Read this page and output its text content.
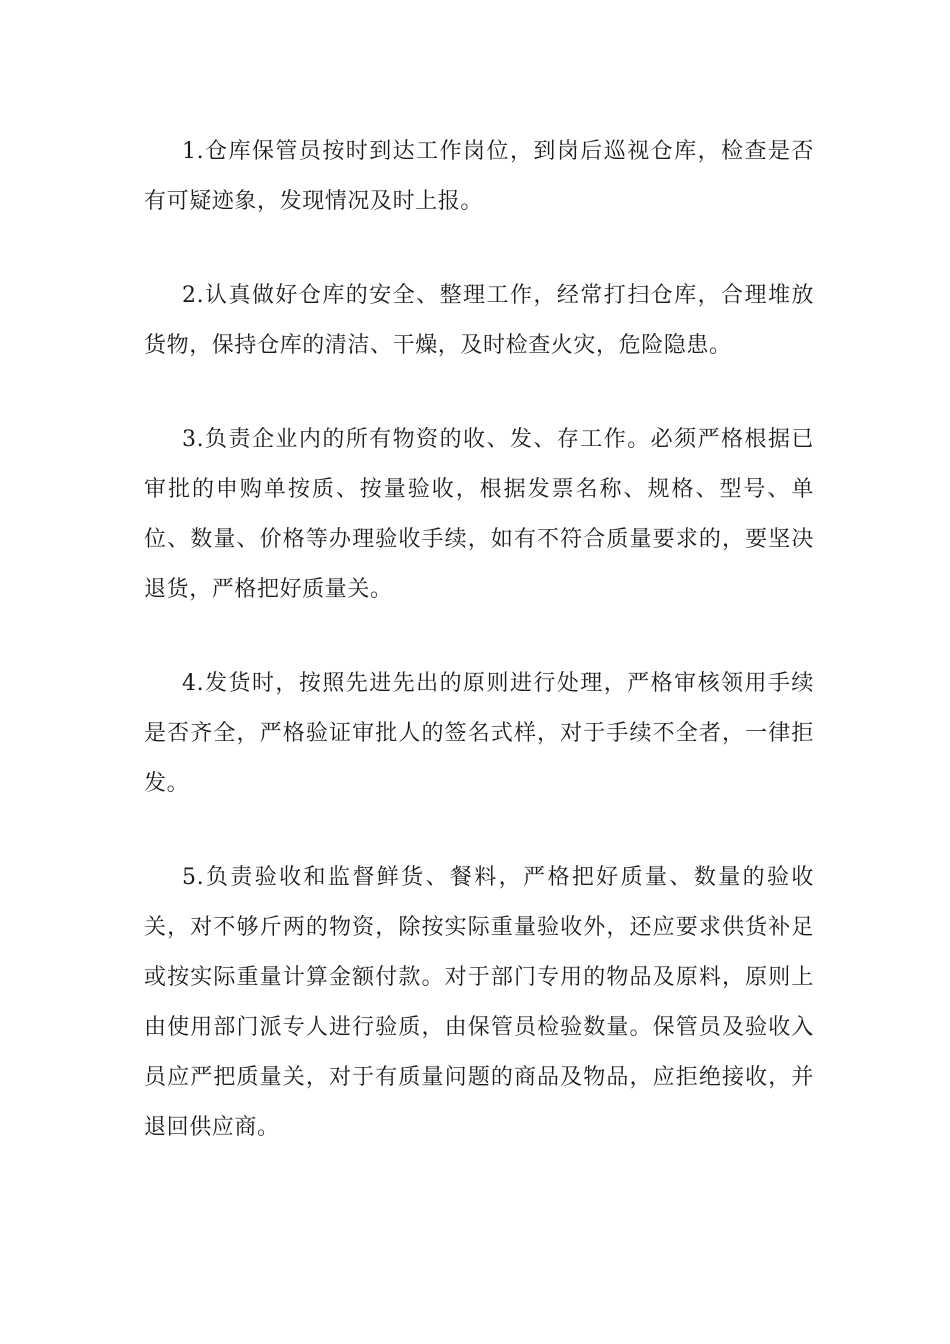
1.仓库保管员按时到达工作岗位，到岗后巡视仓库，检查是否有可疑迹象，发现情况及时上报。

2.认真做好仓库的安全、整理工作，经常打扫仓库，合理堆放货物，保持仓库的清洁、干燥，及时检查火灾，危险隐患。

3.负责企业内的所有物资的收、发、存工作。必须严格根据已审批的申购单按质、按量验收，根据发票名称、规格、型号、单位、数量、价格等办理验收手续，如有不符合质量要求的，要坚决退货，严格把好质量关。

4.发货时，按照先进先出的原则进行处理，严格审核领用手续是否齐全，严格验证审批人的签名式样，对于手续不全者，一律拒发。

5.负责验收和监督鲜货、餐料，严格把好质量、数量的验收关，对不够斤两的物资，除按实际重量验收外，还应要求供货补足或按实际重量计算金额付款。对于部门专用的物品及原料，原则上由使用部门派专人进行验质，由保管员检验数量。保管员及验收入员应严把质量关，对于有质量问题的商品及物品，应拒绝接收，并退回供应商。
